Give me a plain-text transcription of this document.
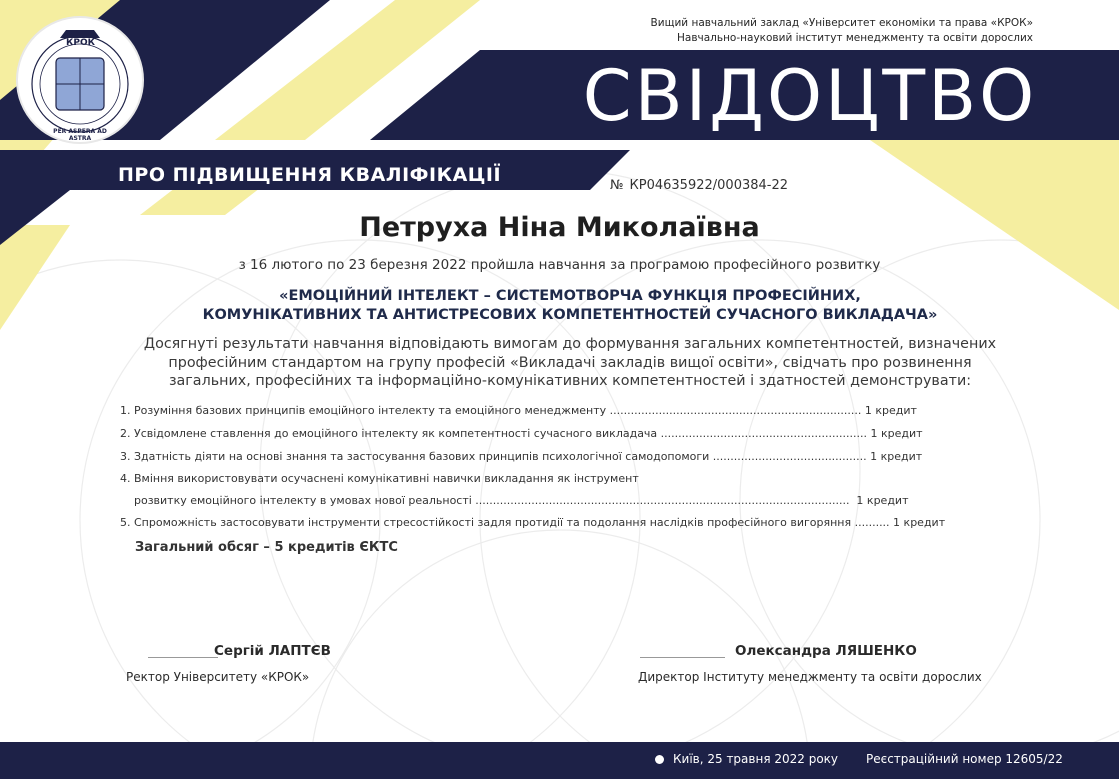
КРОК
PER ASPERA AD ASTRA
Вищий навчальний заклад «Університет економіки та права «КРОК»
Навчально-науковий інститут менеджменту та освіти дорослих
СВІДОЦТВО
ПРО ПІДВИЩЕННЯ КВАЛІФІКАЦІЇ	№ КР04635922/000384-22
Петруха Ніна Миколаївна
з 16 лютого по 23 березня 2022 пройшла навчання за програмою професійного розвитку
«ЕМОЦІЙНИЙ ІНТЕЛЕКТ – СИСТЕМОТВОРЧА ФУНКЦІЯ ПРОФЕСІЙНИХ,
КОМУНІКАТИВНИХ ТА АНТИСТРЕСОВИХ КОМПЕТЕНТНОСТЕЙ СУЧАСНОГО ВИКЛАДАЧА»
Досягнуті результати навчання відповідають вимогам до формування загальних компетентностей, визначених
професійним стандартом на групу професій «Викладачі закладів вищої освіти», свідчать про розвинення
загальних, професійних та інформаційно-комунікативних компетентностей і здатностей демонструвати:
1. Розуміння базових принципів емоційного інтелекту та емоційного менеджменту ........................................................................ 1 кредит
2. Усвідомлене ставлення до емоційного інтелекту як компетентності сучасного викладача ........................................................... 1 кредит
3. Здатність діяти на основі знання та застосування базових принципів психологічної самодопомоги ............................................ 1 кредит
4. Вміння використовувати осучаснені комунікативні навички викладання як інструмент
розвитку емоційного інтелекту в умовах нової реальності ...........................................................................................................  1 кредит
5. Спроможність застосовувати інструменти стресостійкості задля протидії та подолання наслідків професійного вигоряння .......... 1 кредит
Загальний обсяг – 5 кредитів ЄКТС
Сергій ЛАПТЄВ
Ректор Університету «КРОК»
Олександра ЛЯШЕНКО
Директор Інституту менеджменту та освіти дорослих
Київ, 25 травня 2022 року Реєстраційний номер 12605/22
